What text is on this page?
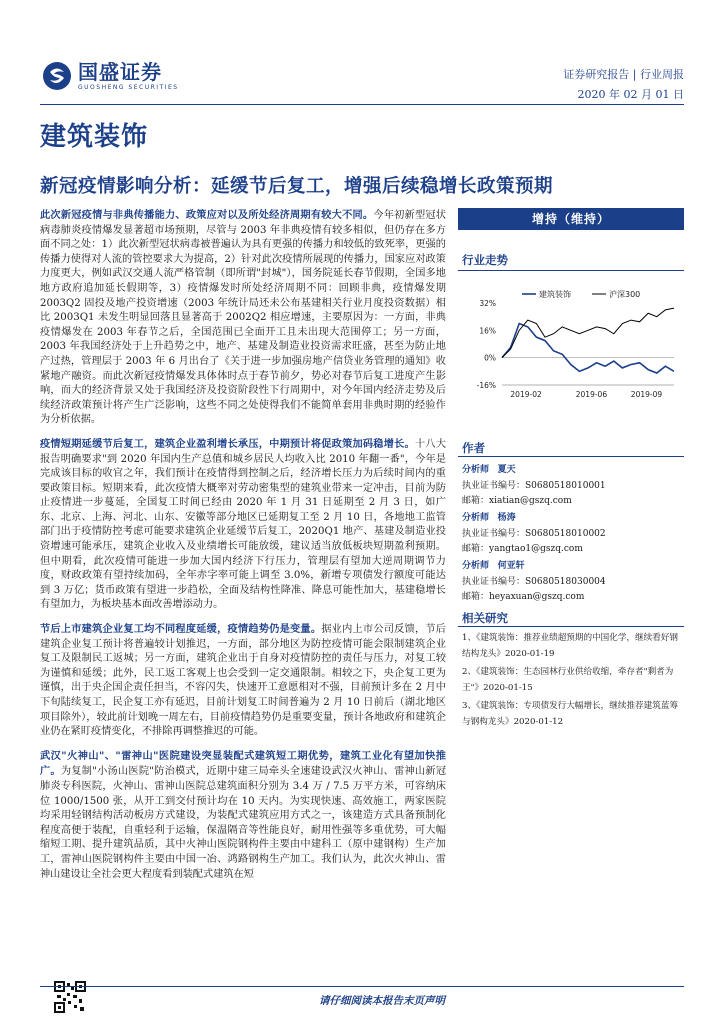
国盛证券
GUOSHENG SECURITIES
证券研究报告 | 行业周报
2020 年 02 月 01 日
建筑装饰
新冠疫情影响分析：延缓节后复工，增强后续稳增长政策预期

此次新冠疫情与非典传播能力、政策应对以及所处经济周期有较大不同。今年初新型冠状病毒肺炎疫情爆发显著超市场预期，尽管与 2003 年非典疫情有较多相似，但仍存在多方面不同之处：1）此次新型冠状病毒被普遍认为具有更强的传播力和较低的致死率，更强的传播力使得对人流的管控要求大为提高，2）针对此次疫情所展现的传播力，国家应对政策力度更大，例如武汉交通人流严格管制（即所谓"封城"），国务院延长春节假期，全国多地地方政府追加延长假期等，3）疫情爆发时所处经济周期不同：回顾非典，疫情爆发期 2003Q2 固投及地产投资增速（2003 年统计局还未公布基建相关行业月度投资数据）相比 2003Q1 未发生明显回落且显著高于 2002Q2 相应增速，主要原因为：一方面，非典疫情爆发在 2003 年春节之后，全国范围已全面开工且未出现大范围停工；另一方面，2003 年我国经济处于上升趋势之中，地产、基建及制造业投资需求旺盛，甚至为防止地产过热，管理层于 2003 年 6 月出台了《关于进一步加强房地产信贷业务管理的通知》收紧地产融资。而此次新冠疫情爆发具体体时点于春节前夕，势必对春节后复工进度产生影响，而大的经济背景又处于我国经济及投资阶段性下行周期中，对今年国内经济走势及后续经济政策预计将产生广泛影响，这些不同之处使得我们不能简单套用非典时期的经验作为分析依据。

疫情短期延缓节后复工，建筑企业盈利增长承压，中期预计将促政策加码稳增长。十八大报告明确要求"到 2020 年国内生产总值和城乡居民人均收入比 2010 年翻一番"，今年是完成该目标的收官之年，我们预计在疫情得到控制之后，经济增长压力为后续时间内的重要政策目标。短期来看，此次疫情大概率对劳动密集型的建筑业带来一定冲击，目前为防止疫情进一步蔓延，全国复工时间已经由 2020 年 1 月 31 日延期至 2 月 3 日，如广东、北京、上海、河北、山东、安徽等部分地区已延期复工至 2 月 10 日，各地地工监管部门出于疫情防控考虑可能要求建筑企业延缓节后复工，2020Q1 地产、基建及制造业投资增速可能承压，建筑企业收入及业绩增长可能放缓，建议适当放低板块短期盈利预期。但中期看，此次疫情可能进一步加大国内经济下行压力，管理层有望加大逆周期调节力度，财政政策有望持续加码，全年赤字率可能上调至 3.0%，新增专项债发行额度可能达到 3 万亿；货币政策有望进一步趋松，全面及结构性降准、降息可能性加大，基建稳增长有望加力，为板块基本面改善增添动力。

节后上市建筑企业复工均不同程度延缓，疫情趋势仍是变量。据业内上市公司反馈，节后建筑企业复工预计将普遍较计划推迟，一方面，部分地区为防控疫情可能会限制建筑企业复工及限制民工返城；另一方面，建筑企业出于自身对疫情防控的责任与压力，对复工较为谨慎和延缓；此外，民工返工客观上也会受到一定交通限制。相较之下，央企复工更为谨慎，出于央企国企责任担当，不容闪失，快速开工意愿相对不强，目前预计多在 2 月中下旬陆续复工，民企复工亦有延迟，目前计划复工时间普遍为 2 月 10 日前后（湖北地区项目除外），较此前计划晚一周左右，目前疫情趋势仍是重要变量，预计各地政府和建筑企业仍在紧盯疫情变化，不排除再调整推迟的可能。

武汉"火神山"、"雷神山"医院建设突显装配式建筑短工期优势，建筑工业化有望加快推广。为复制"小汤山医院"防治模式，近期中建三局牵头全速建设武汉火神山、雷神山新冠肺炎专科医院，火神山、雷神山医院总建筑面积分别为 3.4 万 / 7.5 万平方米，可容纳床位 1000/1500 张，从开工到交付预计均在 10 天内。为实现快速、高效施工，两家医院均采用轻钢结构活动板房方式建设，为装配式建筑应用方式之一，该建造方式具备预制化程度高便于装配，自重轻利于运输，保温隔音等性能良好，耐用性强等多重优势，可大幅缩短工期、提升建筑品质，其中火神山医院钢构件主要由中建科工（原中建钢构）生产加工，雷神山医院钢构件主要由中国一冶、鸿路钢构生产加工。我们认为，此次火神山、雷神山建设让全社会更大程度看到装配式建筑在短

增持（维持）
行业走势
32%
16%
0%
-16%
2019-02	2019-06	2019-09
建筑装饰	沪深300
作者
分析师 夏天
执业证书编号：S0680518010001
邮箱：xiatian@gszq.com
分析师 杨涛
执业证书编号：S0680518010002
邮箱：yangtao1@gszq.com
分析师 何亚轩
执业证书编号：S0680518030004
邮箱：heyaxuan@gszq.com
相关研究
1、《建筑装饰：推荐业绩超预期的中国化学，继续看好钢结构龙头》2020-01-19
2、《建筑装饰：生态园林行业供给收缩，牵存者"剩者为王"》2020-01-15
3、《建筑装饰：专项债发行大幅增长，继续推荐建筑蓝筹与钢构龙头》2020-01-12
请仔细阅读本报告末页声明
